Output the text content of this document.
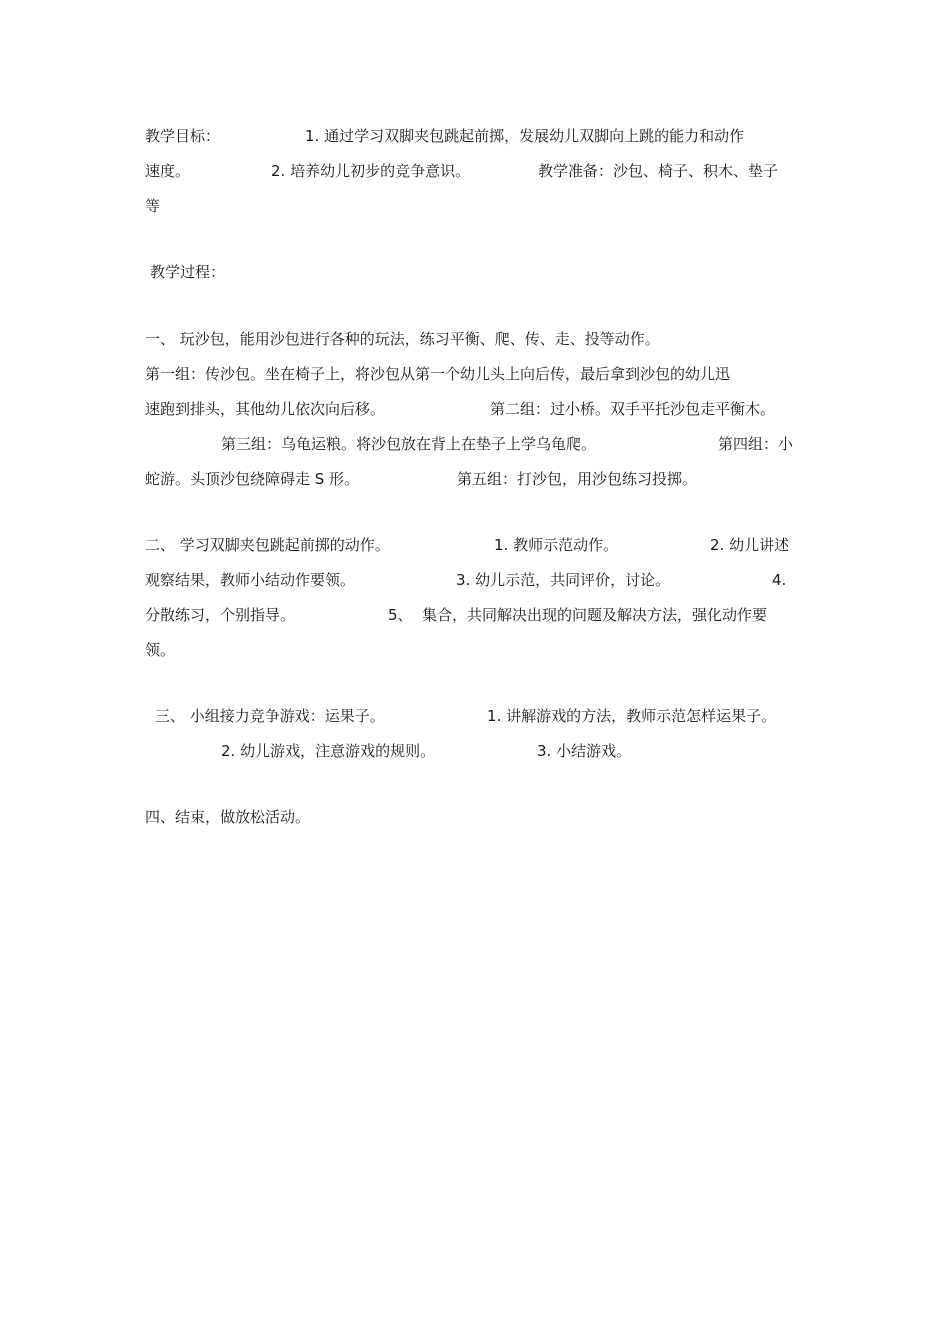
教学目标：	1. 通过学习双脚夹包跳起前掷，发展幼儿双脚向上跳的能力和动作
速度。	2. 培养幼儿初步的竞争意识。	教学准备：沙包、椅子、积木、垫子
等
教学过程：
一、 玩沙包，能用沙包进行各种的玩法，练习平衡、爬、传、走、投等动作。
第一组：传沙包。坐在椅子上，将沙包从第一个幼儿头上向后传，最后拿到沙包的幼儿迅
速跑到排头，其他幼儿依次向后移。	第二组：过小桥。双手平托沙包走平衡木。
第三组：乌龟运粮。将沙包放在背上在垫子上学乌龟爬。	第四组：小
蛇游。头顶沙包绕障碍走 S 形。	第五组：打沙包，用沙包练习投掷。
二、 学习双脚夹包跳起前掷的动作。	1. 教师示范动作。	2. 幼儿讲述
观察结果，教师小结动作要领。	3. 幼儿示范，共同评价，讨论。	4.
分散练习，个别指导。	5、 集合，共同解决出现的问题及解决方法，强化动作要
领。
三、 小组接力竞争游戏：运果子。	1. 讲解游戏的方法，教师示范怎样运果子。
2. 幼儿游戏，注意游戏的规则。	3. 小结游戏。
四、结束，做放松活动。
